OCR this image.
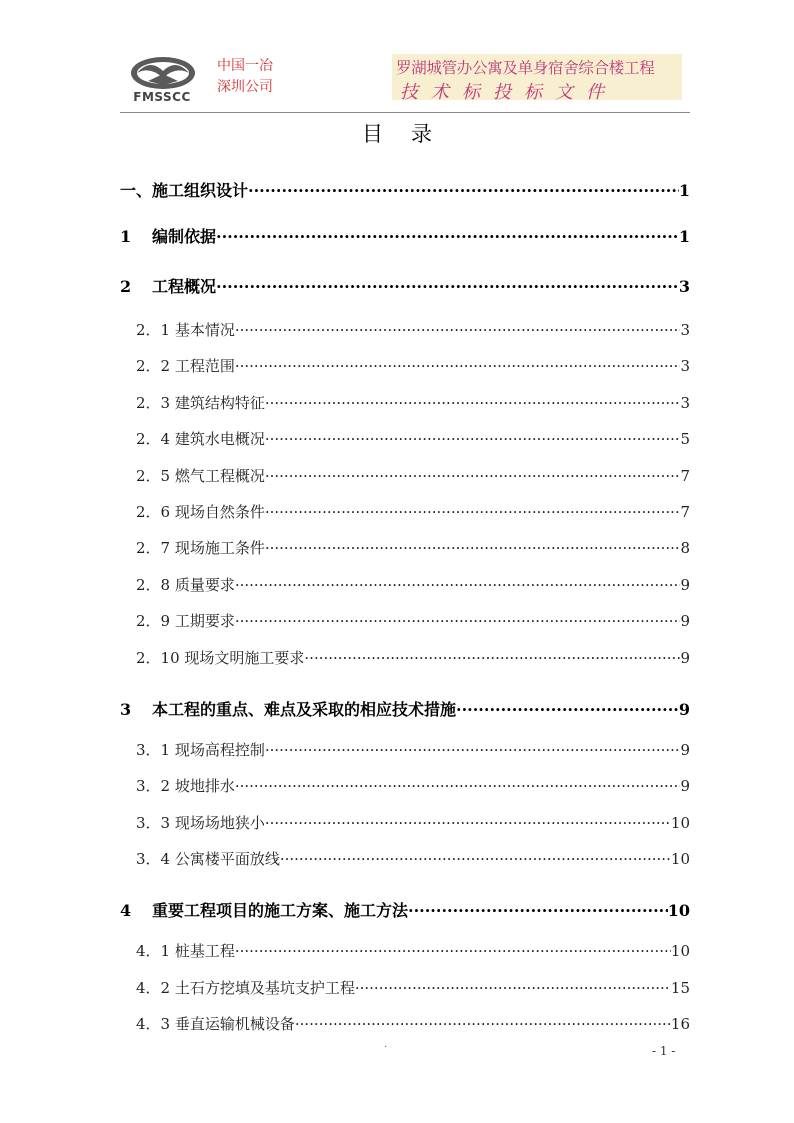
FMSSCC
中国一冶
深圳公司
罗湖城管办公寓及单身宿舍综合楼工程
技术标投标文件
目录
一、施工组织设计 ·····	1
1 编制依据 ·····	1
2 工程概况 ·····	3
2．1 基本情况 ·····	3
2．2 工程范围 ·····	3
2．3 建筑结构特征 ·····	3
2．4 建筑水电概况 ·····	5
2．5 燃气工程概况 ·····	7
2．6 现场自然条件 ·····	7
2．7 现场施工条件 ·····	8
2．8 质量要求 ·····	9
2．9 工期要求 ·····	9
2．10 现场文明施工要求 ·····	9
3 本工程的重点、难点及采取的相应技术措施 ·····	9
3．1 现场高程控制 ·····	9
3．2 坡地排水 ·····	9
3．3 现场场地狭小 ·····	10
3．4 公寓楼平面放线 ·····	10
4 重要工程项目的施工方案、施工方法 ·····	10
4．1 桩基工程 ·····	10
4．2 土石方挖填及基坑支护工程 ·····	15
4．3 垂直运输机械设备 ·····	16
·	- 1 -
